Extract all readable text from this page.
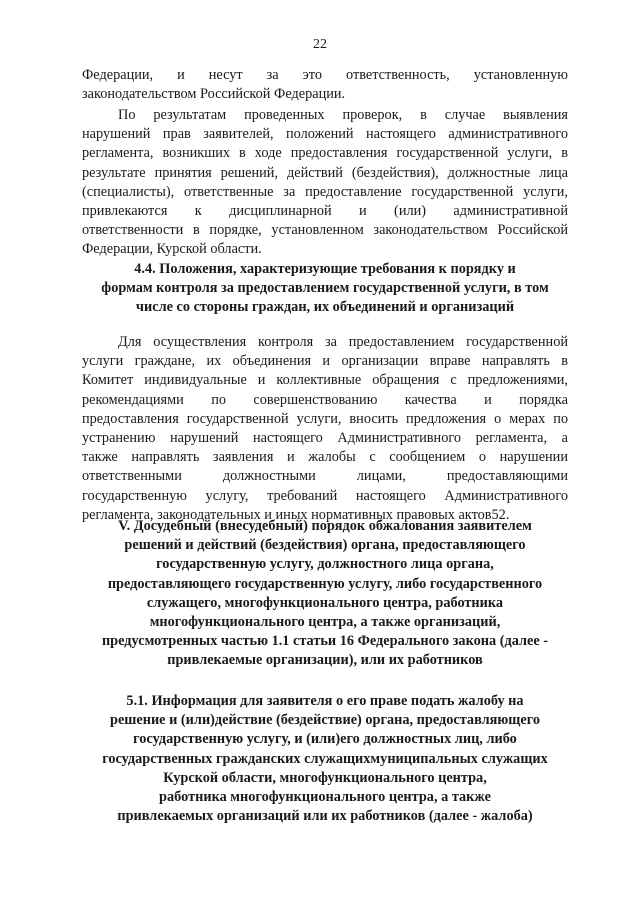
22
Федерации, и несут за это ответственность, установленную
законодательством Российской Федерации.
По результатам проведенных проверок, в случае выявления
нарушений прав заявителей, положений настоящего административного
регламента, возникших в ходе предоставления государственной услуги, в
результате принятия решений, действий (бездействия), должностные лица
(специалисты), ответственные за предоставление государственной услуги,
привлекаются к дисциплинарной и (или) административной
ответственности в порядке, установленном законодательством Российской
Федерации, Курской области.
4.4. Положения, характеризующие требования к порядку и
формам контроля за предоставлением государственной услуги, в том
числе со стороны граждан, их объединений и организаций
Для осуществления контроля за предоставлением государственной
услуги граждане, их объединения и организации вправе направлять в
Комитет индивидуальные и коллективные обращения с предложениями,
рекомендациями по совершенствованию качества и порядка
предоставления государственной услуги, вносить предложения о мерах по
устранению нарушений настоящего Административного регламента, а
также направлять заявления и жалобы с сообщением о нарушении
ответственными должностными лицами, предоставляющими
государственную услугу, требований настоящего Административного
регламента, законодательных и иных нормативных правовых актов52.
V. Досудебный (внесудебный) порядок обжалования заявителем
решений и действий (бездействия) органа, предоставляющего
государственную услугу, должностного лица органа,
предоставляющего государственную услугу, либо государственного
служащего, многофункционального центра, работника
многофункционального центра, а также организаций,
предусмотренных частью 1.1 статьи 16 Федерального закона (далее -
привлекаемые организации), или их работников
5.1. Информация для заявителя о его праве подать жалобу на
решение и (или)действие (бездействие) органа, предоставляющего
государственную услугу, и (или)его должностных лиц, либо
государственных гражданских служащихмуниципальных служащих
Курской области, многофункционального центра,
работника многофункционального центра, а также
привлекаемых организаций или их работников (далее - жалоба)
